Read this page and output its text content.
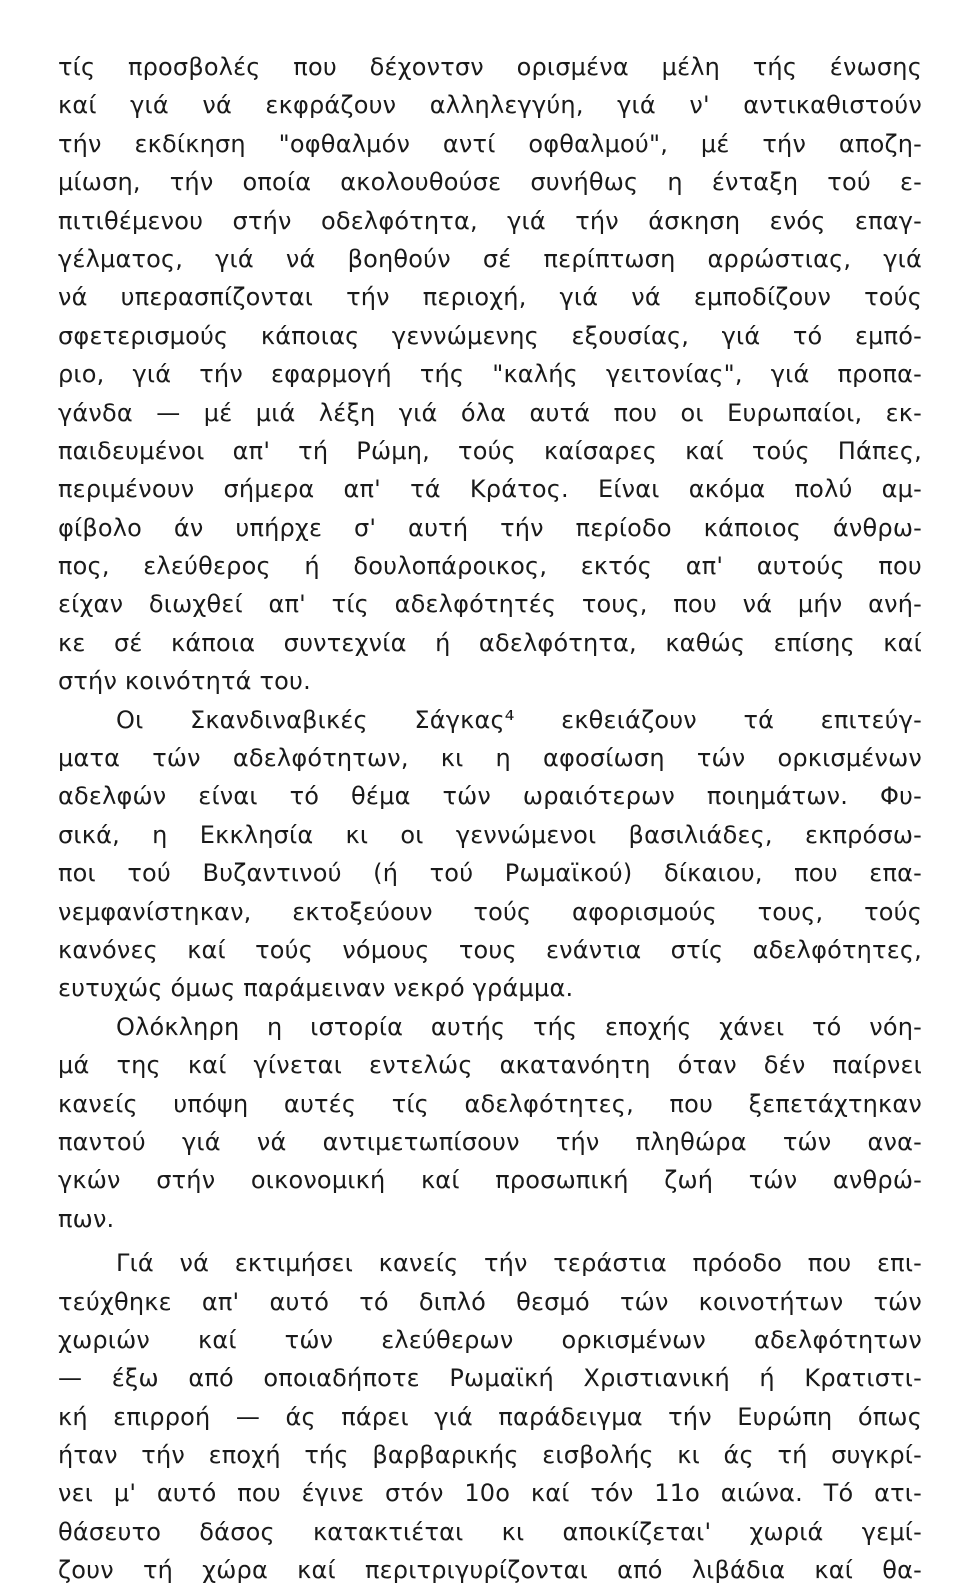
τίς προσβολές που δέχοντσν ορισμένα μέλη τής ένωσης
καί γιά νά εκφράζουν αλληλεγγύη, γιά ν' αντικαθιστούν
τήν εκδίκηση "οφθαλμόν αντί οφθαλμού", μέ τήν αποζη-
μίωση, τήν οποία ακολουθούσε συνήθως η ένταξη τού ε-
πιτιθέμενου στήν οδελφότητα, γιά τήν άσκηση ενός επαγ-
γέλματος, γιά νά βοηθούν σέ περίπτωση αρρώστιας, γιά
νά υπερασπίζονται τήν περιοχή, γιά νά εμποδίζουν τούς
σφετερισμούς κάποιας γεννώμενης εξουσίας, γιά τό εμπό-
ριο, γιά τήν εφαρμογή τής "καλής γειτονίας", γιά προπα-
γάνδα — μέ μιά λέξη γιά όλα αυτά που οι Ευρωπαίοι, εκ-
παιδευμένοι απ' τή Ρώμη, τούς καίσαρες καί τούς Πάπες,
περιμένουν σήμερα απ' τά Κράτος. Είναι ακόμα πολύ αμ-
φίβολο άν υπήρχε σ' αυτή τήν περίοδο κάποιος άνθρω-
πος, ελεύθερος ή δουλοπάροικος, εκτός απ' αυτούς που
είχαν διωχθεί απ' τίς αδελφότητές τους, που νά μήν ανή-
κε σέ κάποια συντεχνία ή αδελφότητα, καθώς επίσης καί
στήν κοινότητά του.
Οι Σκανδιναβικές Σάγκας⁴ εκθειάζουν τά επιτεύγ-
ματα τών αδελφότητων, κι η αφοσίωση τών ορκισμένων
αδελφών είναι τό θέμα τών ωραιότερων ποιημάτων. Φυ-
σικά, η Εκκλησία κι οι γεννώμενοι βασιλιάδες, εκπρόσω-
ποι τού Βυζαντινού (ή τού Ρωμαϊκού) δίκαιου, που επα-
νεμφανίστηκαν, εκτοξεύουν τούς αφορισμούς τους, τούς
κανόνες καί τούς νόμους τους ενάντια στίς αδελφότητες,
ευτυχώς όμως παράμειναν νεκρό γράμμα.
Ολόκληρη η ιστορία αυτής τής εποχής χάνει τό νόη-
μά της καί γίνεται εντελώς ακατανόητη όταν δέν παίρνει
κανείς υπόψη αυτές τίς αδελφότητες, που ξεπετάχτηκαν
παντού γιά νά αντιμετωπίσουν τήν πληθώρα τών ανα-
γκών στήν οικονομική καί προσωπική ζωή τών ανθρώ-
πων.
Γιά νά εκτιμήσει κανείς τήν τεράστια πρόοδο που επι-
τεύχθηκε απ' αυτό τό διπλό θεσμό τών κοινοτήτων τών
χωριών καί τών ελεύθερων ορκισμένων αδελφότητων
— έξω από οποιαδήποτε Ρωμαϊκή Χριστιανική ή Κρατιστι-
κή επιρροή — άς πάρει γιά παράδειγμα τήν Ευρώπη όπως
ήταν τήν εποχή τής βαρβαρικής εισβολής κι άς τή συγκρί-
νει μ' αυτό που έγινε στόν 10ο καί τόν 11ο αιώνα. Τό ατι-
θάσευτο δάσος κατακτιέται κι αποικίζεται' χωριά γεμί-
ζουν τή χώρα καί περιτριγυρίζονται από λιβάδια καί θα-
